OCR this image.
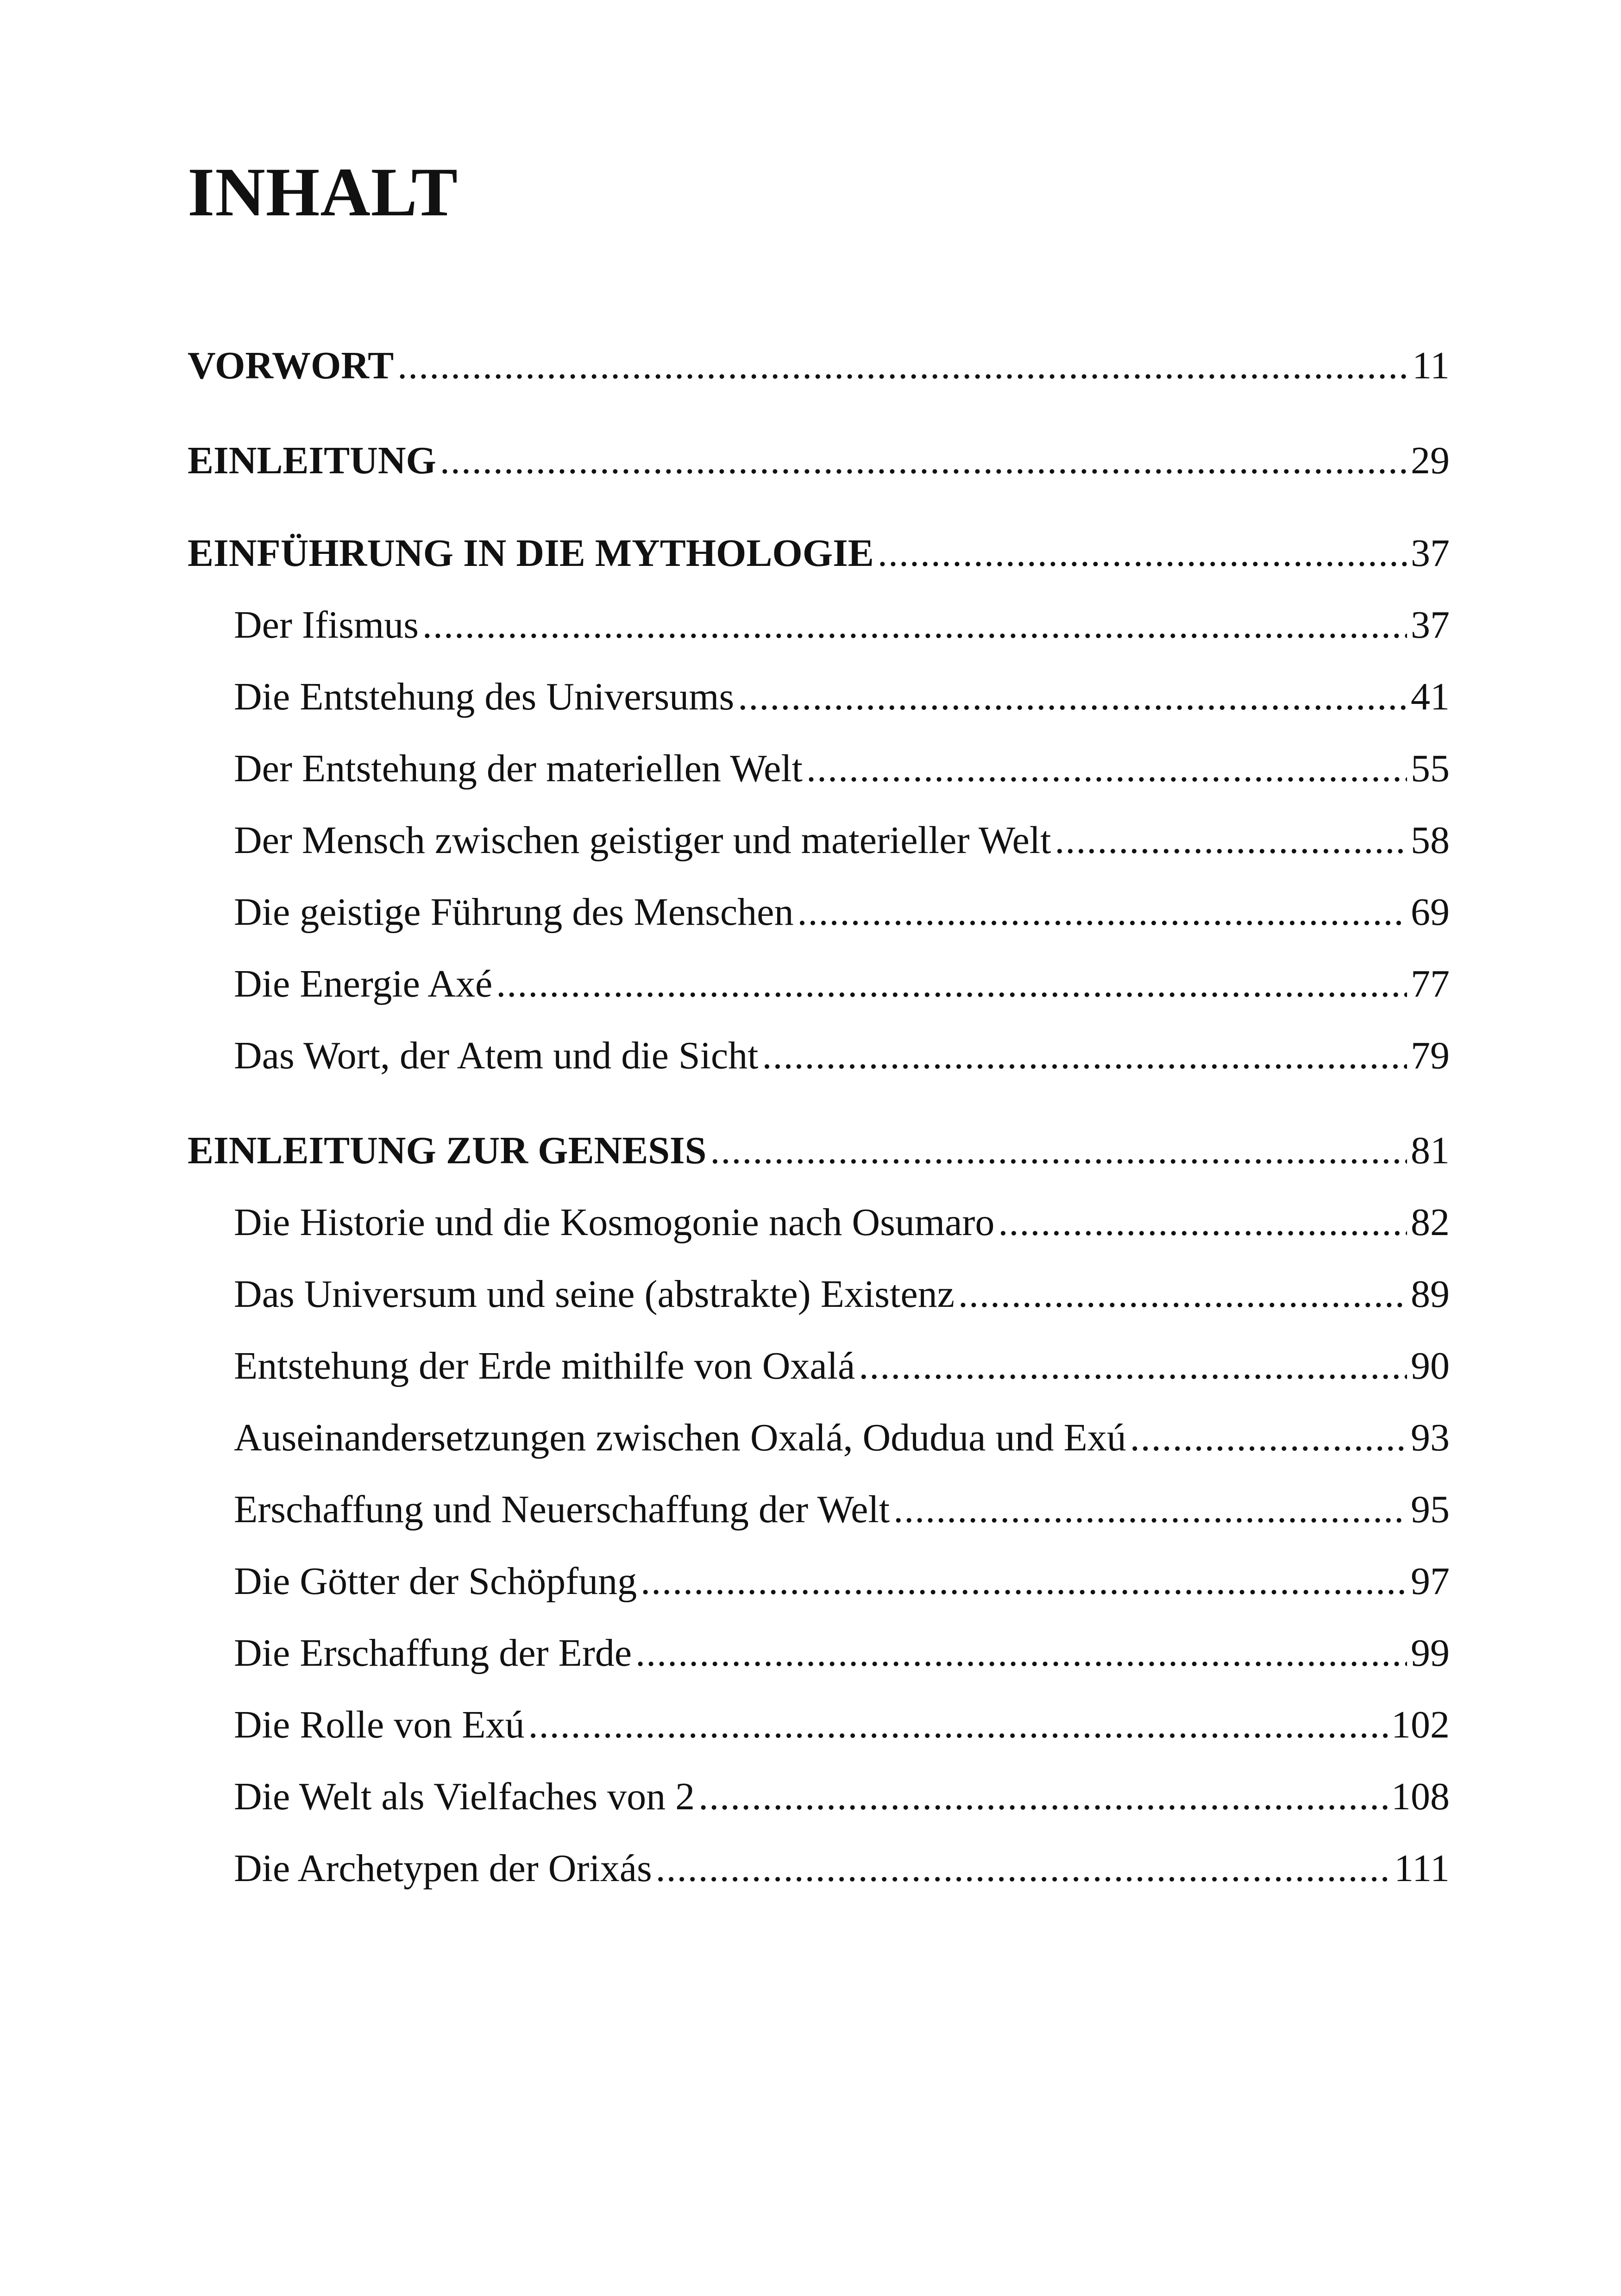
INHALT
VORWORT .....	11
EINLEITUNG .....	29
EINFÜHRUNG IN DIE MYTHOLOGIE .....	37
Der Ifismus .....	37
Die Entstehung des Universums .....	41
Der Entstehung der materiellen Welt .....	55
Der Mensch zwischen geistiger und materieller Welt .....	58
Die geistige Führung des Menschen .....	69
Die Energie Axé .....	77
Das Wort, der Atem und die Sicht .....	79
EINLEITUNG ZUR GENESIS .....	81
Die Historie und die Kosmogonie nach Osumaro .....	82
Das Universum und seine (abstrakte) Existenz .....	89
Entstehung der Erde mithilfe von Oxalá .....	90
Auseinandersetzungen zwischen Oxalá, Odudua und Exú .....	93
Erschaffung und Neuerschaffung der Welt .....	95
Die Götter der Schöpfung .....	97
Die Erschaffung der Erde .....	99
Die Rolle von Exú .....	102
Die Welt als Vielfaches von 2 .....	108
Die Archetypen der Orixás .....	111
